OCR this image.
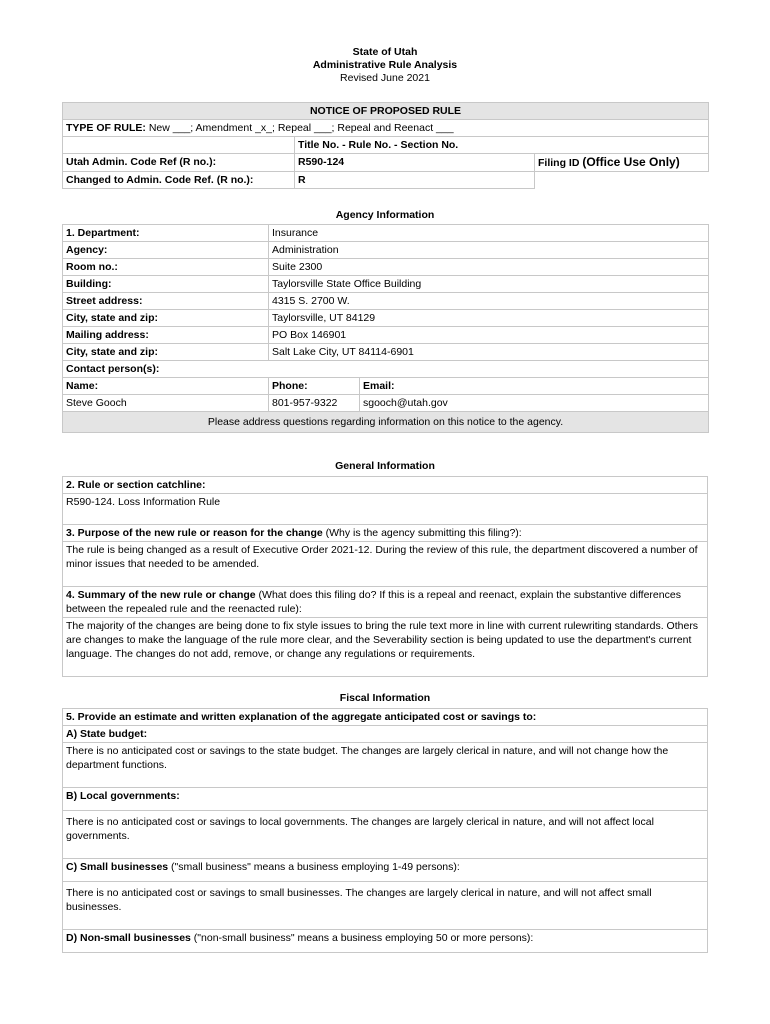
State of Utah
Administrative Rule Analysis
Revised June 2021
NOTICE OF PROPOSED RULE		
TYPE OF RULE: New ___; Amendment _x_; Repeal ___; Repeal and Reenact ___		
	Title No. - Rule No. - Section No.	
Utah Admin. Code Ref (R no.):	R590-124	Filing ID (Office Use Only)
Changed to Admin. Code Ref. (R no.):	R	
Agency Information
1. Department:	Insurance	
Agency:	Administration	
Room no.:	Suite 2300	
Building:	Taylorsville State Office Building	
Street address:	4315 S. 2700 W.	
City, state and zip:	Taylorsville, UT 84129	
Mailing address:	PO Box 146901	
City, state and zip:	Salt Lake City, UT 84114-6901	
Contact person(s):		
Name:	Phone:	Email:
Steve Gooch	801-957-9322	sgooch@utah.gov
Please address questions regarding information on this notice to the agency.		
General Information
2. Rule or section catchline:
R590-124. Loss Information Rule
3. Purpose of the new rule or reason for the change (Why is the agency submitting this filing?):
The rule is being changed as a result of Executive Order 2021-12. During the review of this rule, the department discovered a number of minor issues that needed to be amended.
4. Summary of the new rule or change (What does this filing do? If this is a repeal and reenact, explain the substantive differences between the repealed rule and the reenacted rule):
The majority of the changes are being done to fix style issues to bring the rule text more in line with current rulewriting standards. Others are changes to make the language of the rule more clear, and the Severability section is being updated to use the department's current language. The changes do not add, remove, or change any regulations or requirements.
Fiscal Information
5. Provide an estimate and written explanation of the aggregate anticipated cost or savings to:
A) State budget:
There is no anticipated cost or savings to the state budget. The changes are largely clerical in nature, and will not change how the department functions.
B) Local governments:
There is no anticipated cost or savings to local governments. The changes are largely clerical in nature, and will not affect local governments.
C) Small businesses ("small business" means a business employing 1-49 persons):
There is no anticipated cost or savings to small businesses. The changes are largely clerical in nature, and will not affect small businesses.
D) Non-small businesses ("non-small business" means a business employing 50 or more persons):
